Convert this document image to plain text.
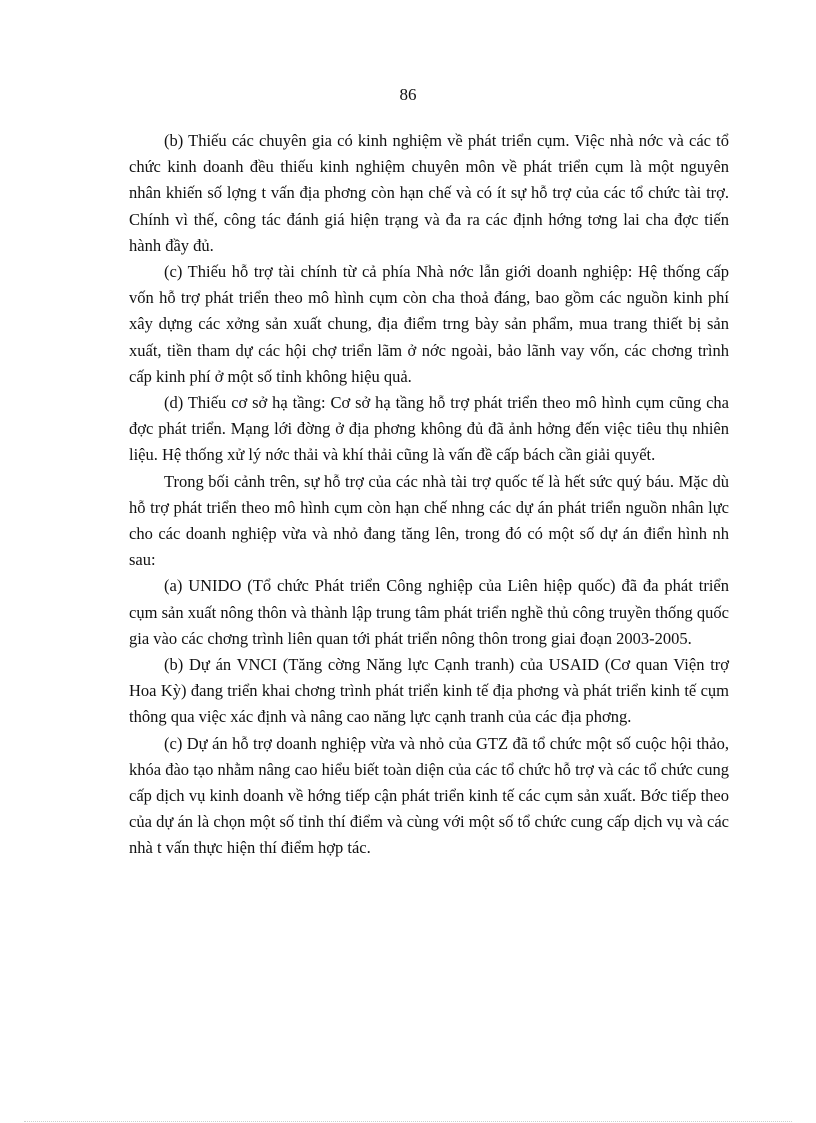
86

(b) Thiếu các chuyên gia có kinh nghiệm về phát triển cụm. Việc nhà nớc và các tổ chức kinh doanh đều thiếu kinh nghiệm chuyên môn về phát triển cụm là một nguyên nhân khiến số lợng t vấn địa phơng còn hạn chế và có ít sự hỗ trợ của các tổ chức tài trợ. Chính vì thế, công tác đánh giá hiện trạng và đa ra các định hớng tơng lai cha đợc tiến hành đầy đủ.

(c) Thiếu hỗ trợ tài chính từ cả phía Nhà nớc lẫn giới doanh nghiệp: Hệ thống cấp vốn hỗ trợ phát triển theo mô hình cụm còn cha thoả đáng, bao gồm các nguồn kinh phí xây dựng các xởng sản xuất chung, địa điểm trng bày sản phẩm, mua trang thiết bị sản xuất, tiền tham dự các hội chợ triển lãm ở nớc ngoài, bảo lãnh vay vốn, các chơng trình cấp kinh phí ở một số tỉnh không hiệu quả.

(d) Thiếu cơ sở hạ tầng: Cơ sở hạ tầng hỗ trợ phát triển theo mô hình cụm cũng cha đợc phát triển. Mạng lới đờng ở địa phơng không đủ đã ảnh hởng đến việc tiêu thụ nhiên liệu. Hệ thống xử lý nớc thải và khí thải cũng là vấn đề cấp bách cần giải quyết.

Trong bối cảnh trên, sự hỗ trợ của các nhà tài trợ quốc tế là hết sức quý báu. Mặc dù hỗ trợ phát triển theo mô hình cụm còn hạn chế nhng các dự án phát triển nguồn nhân lực cho các doanh nghiệp vừa và nhỏ đang tăng lên, trong đó có một số dự án điển hình nh sau:

(a) UNIDO (Tổ chức Phát triển Công nghiệp của Liên hiệp quốc) đã đa phát triển cụm sản xuất nông thôn và thành lập trung tâm phát triển nghề thủ công truyền thống quốc gia vào các chơng trình liên quan tới phát triển nông thôn trong giai đoạn 2003-2005.

(b) Dự án VNCI (Tăng cờng Năng lực Cạnh tranh) của USAID (Cơ quan Viện trợ Hoa Kỳ) đang triển khai chơng trình phát triển kinh tế địa phơng và phát triển kinh tế cụm thông qua việc xác định và nâng cao năng lực cạnh tranh của các địa phơng.

(c) Dự án hỗ trợ doanh nghiệp vừa và nhỏ của GTZ đã tổ chức một số cuộc hội thảo, khóa đào tạo nhằm nâng cao hiểu biết toàn diện của các tổ chức hỗ trợ và các tổ chức cung cấp dịch vụ kinh doanh về hớng tiếp cận phát triển kinh tế các cụm sản xuất. Bớc tiếp theo của dự án là chọn một số tỉnh thí điểm và cùng với một số tổ chức cung cấp dịch vụ và các nhà t vấn thực hiện thí điểm hợp tác.
